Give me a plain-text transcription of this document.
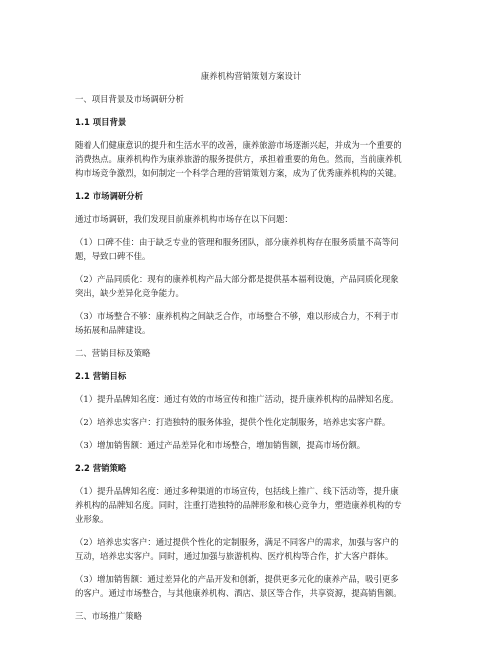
康养机构营销策划方案设计
一、项目背景及市场调研分析
1.1 项目背景
随着人们健康意识的提升和生活水平的改善，康养旅游市场逐渐兴起，并成为一个重要的
消费热点。康养机构作为康养旅游的服务提供方，承担着重要的角色。然而，当前康养机
构市场竞争激烈，如何制定一个科学合理的营销策划方案，成为了优秀康养机构的关键。
1.2 市场调研分析
通过市场调研，我们发现目前康养机构市场存在以下问题：
（1）口碑不佳：由于缺乏专业的管理和服务团队，部分康养机构存在服务质量不高等问
题，导致口碑不佳。
（2）产品同质化：现有的康养机构产品大部分都是提供基本福利设施，产品同质化现象
突出，缺少差异化竞争能力。
（3）市场整合不够：康养机构之间缺乏合作，市场整合不够，难以形成合力，不利于市
场拓展和品牌建设。
二、营销目标及策略
2.1 营销目标
（1）提升品牌知名度：通过有效的市场宣传和推广活动，提升康养机构的品牌知名度。
（2）培养忠实客户：打造独特的服务体验，提供个性化定制服务，培养忠实客户群。
（3）增加销售额：通过产品差异化和市场整合，增加销售额，提高市场份额。
2.2 营销策略
（1）提升品牌知名度：通过多种渠道的市场宣传，包括线上推广、线下活动等，提升康
养机构的品牌知名度。同时，注重打造独特的品牌形象和核心竞争力，塑造康养机构的专
业形象。
（2）培养忠实客户：通过提供个性化的定制服务，满足不同客户的需求，加强与客户的
互动，培养忠实客户。同时，通过加强与旅游机构、医疗机构等合作，扩大客户群体。
（3）增加销售额：通过差异化的产品开发和创新，提供更多元化的康养产品，吸引更多
的客户。通过市场整合，与其他康养机构、酒店、景区等合作，共享资源，提高销售额。
三、市场推广策略
